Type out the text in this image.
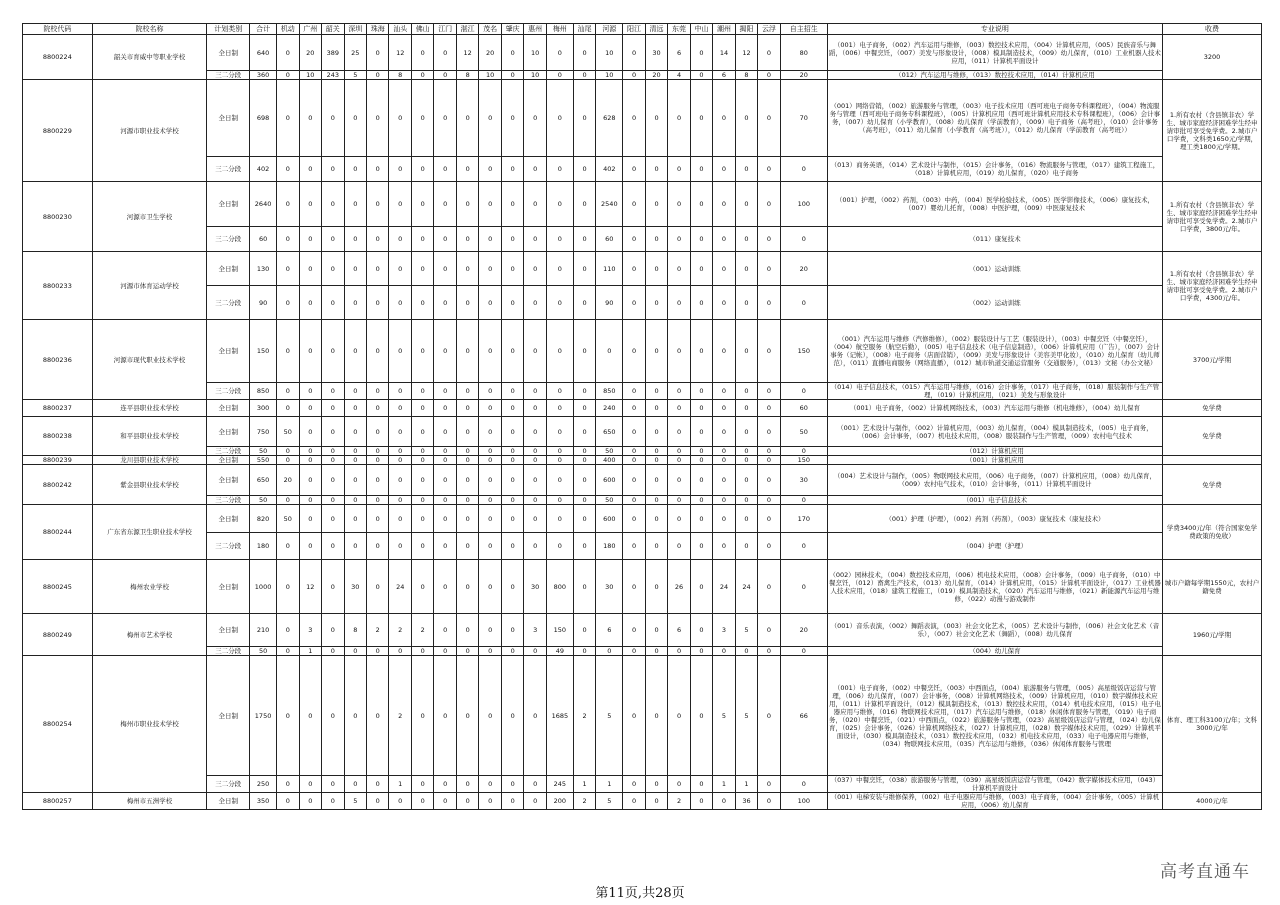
院校代码	院校名称	计划类别	合计	机动	广州	韶关	深圳	珠海	汕头	佛山	江门	湛江	茂名	肇庆	惠州	梅州	汕尾	河源	阳江	清远	东莞	中山	潮州	揭阳	云浮	自主招生	专业说明	收费
8800224	韶关市育威中等职业学校	全日制	640	0	20	389	25	0	12	0	0	12	20	0	10	0	0	10	0	30	6	0	14	12	0	80	（001）电子商务，（002）汽车运用与维修，（003）数控技术应用，（004）计算机应用，（005）民族音乐与舞蹈，（006）中餐烹饪，（007）美发与形象设计，（008）模具制造技术，（009）幼儿保育，（010）工业机器人技术应用，（011）计算机平面设计	3200
		三二分段	360	0	10	243	5	0	8	0	0	8	10	0	10	0	0	10	0	20	4	0	6	8	0	20	（012）汽车运用与维修，（013）数控技术应用，（014）计算机应用	
8800229	河源市职业技术学校	全日制	698	0	0	0	0	0	0	0	0	0	0	0	0	0	0	628	0	0	0	0	0	0	0	70	（001）网络营销，（002）旅游服务与管理，（003）电子技术应用（西可班电子商务专科课程班），（004）物流服务与管理（西可班电子商务专科课程班），（005）计算机应用（西可班计算机应用技术专科课程班），（006）会计事务，（007）幼儿保育（小学教育），（008）幼儿保育（学前教育），（009）电子商务（高考班），（010）会计事务（高考班），（011）幼儿保育（小学教育（高考班）），（012）幼儿保育（学前教育（高考班））	1.所有农村（含县镇非农）学生、城市家庭经济困难学生经申请审批可享受免学费。2.城市户口学费，文科类1650元/学期，理工类1800元/学期。
		三二分段	402	0	0	0	0	0	0	0	0	0	0	0	0	0	0	402	0	0	0	0	0	0	0	0	（013）商务英语，（014）艺术设计与制作，（015）会计事务，（016）物流服务与管理，（017）建筑工程施工，（018）计算机应用，（019）幼儿保育，（020）电子商务	
8800230	河源市卫生学校	全日制	2640	0	0	0	0	0	0	0	0	0	0	0	0	0	0	2540	0	0	0	0	0	0	0	100	（001）护理，（002）药剂，（003）中药，（004）医学检验技术，（005）医学影像技术，（006）康复技术，（007）婴幼儿托育，（008）中医护理，（009）中医康复技术	1.所有农村（含县镇非农）学生、城市家庭经济困难学生经申请审批可享受免学费。2.城市户口学费，3800元/年。
		三二分段	60	0	0	0	0	0	0	0	0	0	0	0	0	0	0	60	0	0	0	0	0	0	0	0	（011）康复技术	
8800233	河源市体育运动学校	全日制	130	0	0	0	0	0	0	0	0	0	0	0	0	0	0	110	0	0	0	0	0	0	0	20	（001）运动训练	1.所有农村（含县镇非农）学生、城市家庭经济困难学生经申请审批可享受免学费。2.城市户口学费，4300元/年。
		三二分段	90	0	0	0	0	0	0	0	0	0	0	0	0	0	0	90	0	0	0	0	0	0	0	0	（002）运动训练	
8800236	河源市现代职业技术学校	全日制	150	0	0	0	0	0	0	0	0	0	0	0	0	0	0	0	0	0	0	0	0	0	0	150	（001）汽车运用与维修（汽修维修），（002）服装设计与工艺（服装设计），（003）中餐烹饪（中餐烹饪），（004）航空服务（航空后勤），（005）电子信息技术（电子信息制造），（006）计算机应用（广告），（007）会计事务（记帐），（008）电子商务（店面营销），（009）美发与形象设计（美容美甲化妆），（010）幼儿保育（幼儿师范），（011）直播电商服务（网络直播），（012）城市轨道交通运营服务（交通服务），（013）文秘（办公文秘）	3700元/学期
		三二分段	850	0	0	0	0	0	0	0	0	0	0	0	0	0	0	850	0	0	0	0	0	0	0	0	（014）电子信息技术，（015）汽车运用与维修，（016）会计事务，（017）电子商务，（018）服装制作与生产管理，（019）计算机应用，（021）美发与形象设计	
8800237	连平县职业技术学校	全日制	300	0	0	0	0	0	0	0	0	0	0	0	0	0	0	240	0	0	0	0	0	0	0	60	（001）电子商务，（002）计算机网络技术，（003）汽车运用与维修（机电维修），（004）幼儿保育	免学费
8800238	和平县职业技术学校	全日制	750	50	0	0	0	0	0	0	0	0	0	0	0	0	0	650	0	0	0	0	0	0	0	50	（001）艺术设计与制作，（002）计算机应用，（003）幼儿保育，（004）模具制造技术，（005）电子商务，（006）会计事务，（007）机电技术应用，（008）服装制作与生产管理，（009）农村电气技术	免学费
		三二分段	50	0	0	0	0	0	0	0	0	0	0	0	0	0	0	50	0	0	0	0	0	0	0	0	（012）计算机应用	
8800239	龙川县职业技术学校	全日制	550	0	0	0	0	0	0	0	0	0	0	0	0	0	0	400	0	0	0	0	0	0	0	150	（001）计算机应用	
8800242	紫金县职业技术学校	全日制	650	20	0	0	0	0	0	0	0	0	0	0	0	0	0	600	0	0	0	0	0	0	0	30	（004）艺术设计与制作，（005）物联网技术应用，（006）电子商务，（007）计算机应用，（008）幼儿保育，（009）农村电气技术，（010）会计事务，（011）计算机平面设计	免学费
		三二分段	50	0	0	0	0	0	0	0	0	0	0	0	0	0	0	50	0	0	0	0	0	0	0	0	（001）电子信息技术	
8800244	广东省东源卫生职业技术学校	全日制	820	50	0	0	0	0	0	0	0	0	0	0	0	0	0	600	0	0	0	0	0	0	0	170	（001）护理（护理），（002）药剂（药剂），（003）康复技术（康复技术）	学费3400元/年（符合国家免学费政策的免收）
		三二分段	180	0	0	0	0	0	0	0	0	0	0	0	0	0	0	180	0	0	0	0	0	0	0	0	（004）护理（护理）	
8800245	梅州农业学校	全日制	1000	0	12	0	30	0	24	0	0	0	0	0	30	800	0	30	0	0	26	0	24	24	0	0	（002）园林技术，（004）数控技术应用，（006）机电技术应用，（008）会计事务，（009）电子商务，（010）中餐烹饪，（012）畜禽生产技术，（013）幼儿保育，（014）计算机应用，（015）计算机平面设计，（017）工业机器人技术应用，（018）建筑工程施工，（019）模具制造技术，（020）汽车运用与维修，（021）新能源汽车运用与维修，（022）动漫与游戏制作	城市户籍每学期1550元，农村户籍免费
8800249	梅州市艺术学校	全日制	210	0	3	0	8	2	2	2	0	0	0	0	3	150	0	6	0	0	6	0	3	5	0	20	（001）音乐表演，（002）舞蹈表演，（003）社会文化艺术，（005）艺术设计与制作，（006）社会文化艺术（音乐），（007）社会文化艺术（舞蹈），（008）幼儿保育	1960元/学期
		三二分段	50	0	1	0	0	0	0	0	0	0	0	0	0	49	0	0	0	0	0	0	0	0	0	0	（004）幼儿保育	
8800254	梅州市职业技术学校	全日制	1750	0	0	0	0	0	2	0	0	0	0	0	0	1685	2	5	0	0	0	0	5	5	0	66	（001）电子商务，（002）中餐烹饪，（003）中西面点，（004）旅游服务与管理，（005）高星级饭店运营与管理，（006）幼儿保育，（007）会计事务，（008）计算机网络技术，（009）计算机应用，（010）数字媒体技术应用，（011）计算机平面设计，（012）模具制造技术，（013）数控技术应用，（014）机电技术应用，（015）电子电器应用与维修，（016）物联网技术应用，（017）汽车运用与维修，（018）休闲体育服务与管理，（019）电子商务，（020）中餐烹饪，（021）中西面点，（022）旅游服务与管理，（023）高星级饭店运营与管理，（024）幼儿保育，（025）会计事务，（026）计算机网络技术，（027）计算机应用，（028）数字媒体技术应用，（029）计算机平面设计，（030）模具制造技术，（031）数控技术应用，（032）机电技术应用，（033）电子电器应用与维修，（034）物联网技术应用，（035）汽车运用与维修，（036）休闲体育服务与管理	体育、理工科3100元/年；文科3000元/年
		三二分段	250	0	0	0	0	0	1	0	0	0	0	0	0	245	1	1	0	0	0	0	1	1	0	0	（037）中餐烹饪，（038）旅游服务与管理，（039）高星级饭店运营与管理，（042）数字媒体技术应用，（043）计算机平面设计	
8800257	梅州市五洲学校	全日制	350	0	0	0	5	0	0	0	0	0	0	0	0	200	2	5	0	0	2	0	0	36	0	100	（001）电梯安装与维修保养，（002）电子电器应用与维修，（003）电子商务，（004）会计事务，（005）计算机应用，（006）幼儿保育	4000元/年
第11页,共28页
高考直通车
